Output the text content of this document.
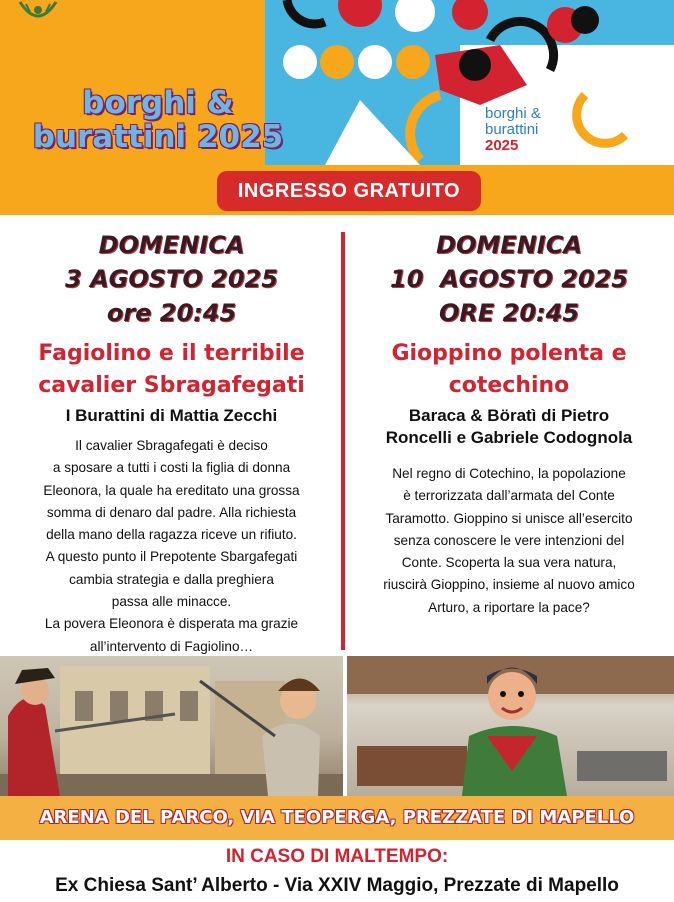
borghi &
burattini 2025
borghi &
burattini
2025
INGRESSO GRATUITO
DOMENICA
3 AGOSTO 2025
ore 20:45
Fagiolino e il terribile
cavalier Sbragafegati
I Burattini di Mattia Zecchi
Il cavalier Sbragafegati è deciso
a sposare a tutti i costi la figlia di donna
Eleonora, la quale ha ereditato una grossa
somma di denaro dal padre. Alla richiesta
della mano della ragazza riceve un rifiuto.
A questo punto il Prepotente Sbargafegati
cambia strategia e dalla preghiera
passa alle minacce.
La povera Eleonora è disperata ma grazie
all’intervento di Fagiolino…
DOMENICA
10  AGOSTO 2025
ORE 20:45
Gioppino polenta e
cotechino
Baraca & Böratì di Pietro
Roncelli e Gabriele Codognola
Nel regno di Cotechino, la popolazione
è terrorizzata dall’armata del Conte
Taramotto. Gioppino si unisce all’esercito
senza conoscere le vere intenzioni del
Conte. Scoperta la sua vera natura,
riuscirà Gioppino, insieme al nuovo amico
Arturo, a riportare la pace?
ARENA DEL PARCO, VIA TEOPERGA, PREZZATE DI MAPELLO
IN CASO DI MALTEMPO:
Ex Chiesa Sant’ Alberto - Via XXIV Maggio, Prezzate di Mapello
